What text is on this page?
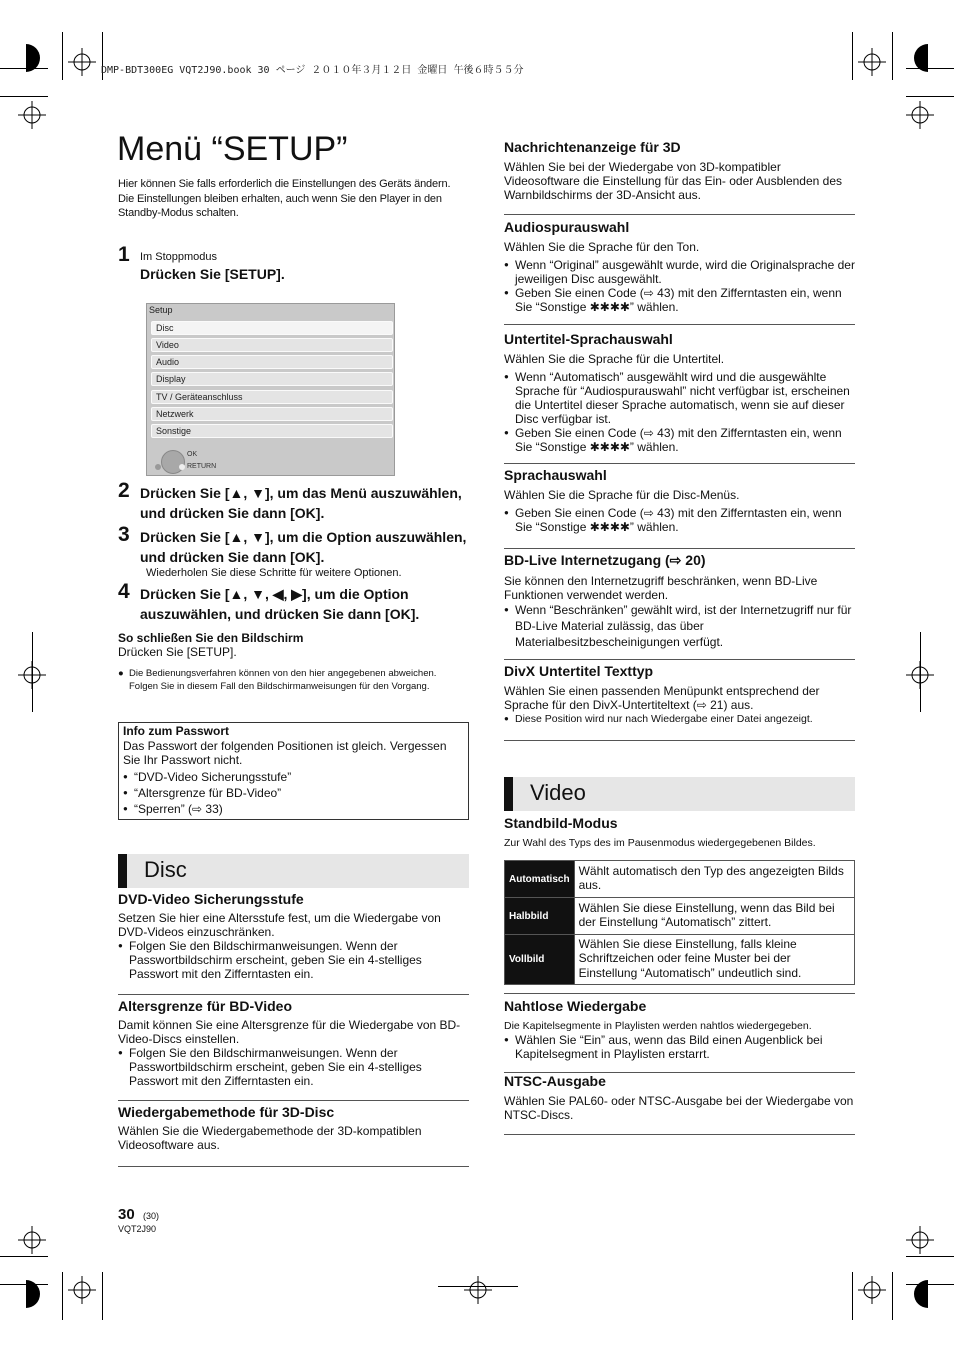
DMP-BDT300EG VQT2J90.book 30 ページ ２０１０年３月１２日 金曜日 午後６時５５分
Menü “SETUP”
Hier können Sie falls erforderlich die Einstellungen des Geräts ändern. Die Einstellungen bleiben erhalten, auch wenn Sie den Player in den Standby-Modus schalten.
1 Im Stoppmodus
Drücken Sie [SETUP].
Setup
Disc
Video
Audio
Display
TV / Geräteanschluss
Netzwerk
Sonstige
OK
RETURN
2 Drücken Sie [▲, ▼], um das Menü auszuwählen, und drücken Sie dann [OK].
3 Drücken Sie [▲, ▼], um die Option auszuwählen, und drücken Sie dann [OK].
Wiederholen Sie diese Schritte für weitere Optionen.
4 Drücken Sie [▲, ▼, ◀, ▶], um die Option auszuwählen, und drücken Sie dann [OK].
So schließen Sie den Bildschirm
Drücken Sie [SETUP].
● Die Bedienungsverfahren können von den hier angegebenen abweichen. Folgen Sie in diesem Fall den Bildschirmanweisungen für den Vorgang.
Info zum Passwort
Das Passwort der folgenden Positionen ist gleich. Vergessen Sie Ihr Passwort nicht.
● “DVD-Video Sicherungsstufe”
● “Altersgrenze für BD-Video”
● “Sperren” (⇨ 33)
Disc
DVD-Video Sicherungsstufe
Setzen Sie hier eine Altersstufe fest, um die Wiedergabe von DVD-Videos einzuschränken.
● Folgen Sie den Bildschirmanweisungen. Wenn der Passwortbildschirm erscheint, geben Sie ein 4-stelliges Passwort mit den Zifferntasten ein.
Altersgrenze für BD-Video
Damit können Sie eine Altersgrenze für die Wiedergabe von BD-Video-Discs einstellen.
● Folgen Sie den Bildschirmanweisungen. Wenn der Passwortbildschirm erscheint, geben Sie ein 4-stelliges Passwort mit den Zifferntasten ein.
Wiedergabemethode für 3D-Disc
Wählen Sie die Wiedergabemethode der 3D-kompatiblen Videosoftware aus.
Nachrichtenanzeige für 3D
Wählen Sie bei der Wiedergabe von 3D-kompatibler Videosoftware die Einstellung für das Ein- oder Ausblenden des Warnbildschirms der 3D-Ansicht aus.
Audiospurauswahl
Wählen Sie die Sprache für den Ton.
● Wenn “Original” ausgewählt wurde, wird die Originalsprache der jeweiligen Disc ausgewählt.
● Geben Sie einen Code (⇨ 43) mit den Zifferntasten ein, wenn Sie “Sonstige ✱✱✱✱” wählen.
Untertitel-Sprachauswahl
Wählen Sie die Sprache für die Untertitel.
● Wenn “Automatisch” ausgewählt wird und die ausgewählte Sprache für “Audiospurauswahl” nicht verfügbar ist, erscheinen die Untertitel dieser Sprache automatisch, wenn sie auf dieser Disc verfügbar ist.
● Geben Sie einen Code (⇨ 43) mit den Zifferntasten ein, wenn Sie “Sonstige ✱✱✱✱” wählen.
Sprachauswahl
Wählen Sie die Sprache für die Disc-Menüs.
● Geben Sie einen Code (⇨ 43) mit den Zifferntasten ein, wenn Sie “Sonstige ✱✱✱✱” wählen.
BD-Live Internetzugang (⇨ 20)
Sie können den Internetzugriff beschränken, wenn BD-Live Funktionen verwendet werden.
● Wenn “Beschränken” gewählt wird, ist der Internetzugriff nur für BD-Live Material zulässig, das über Materialbesitzbescheinigungen verfügt.
DivX Untertitel Texttyp
Wählen Sie einen passenden Menüpunkt entsprechend der Sprache für den DivX-Untertiteltext (⇨ 21) aus.
● Diese Position wird nur nach Wiedergabe einer Datei angezeigt.
Video
Standbild-Modus
Zur Wahl des Typs des im Pausenmodus wiedergegebenen Bildes.
Automatisch	Wählt automatisch den Typ des angezeigten Bilds aus.
Halbbild	Wählen Sie diese Einstellung, wenn das Bild bei der Einstellung “Automatisch” zittert.
Vollbild	Wählen Sie diese Einstellung, falls kleine Schriftzeichen oder feine Muster bei der Einstellung “Automatisch” undeutlich sind.
Nahtlose Wiedergabe
Die Kapitelsegmente in Playlisten werden nahtlos wiedergegeben.
● Wählen Sie “Ein” aus, wenn das Bild einen Augenblick bei Kapitelsegment in Playlisten erstarrt.
NTSC-Ausgabe
Wählen Sie PAL60- oder NTSC-Ausgabe bei der Wiedergabe von NTSC-Discs.
30 (30)
VQT2J90
